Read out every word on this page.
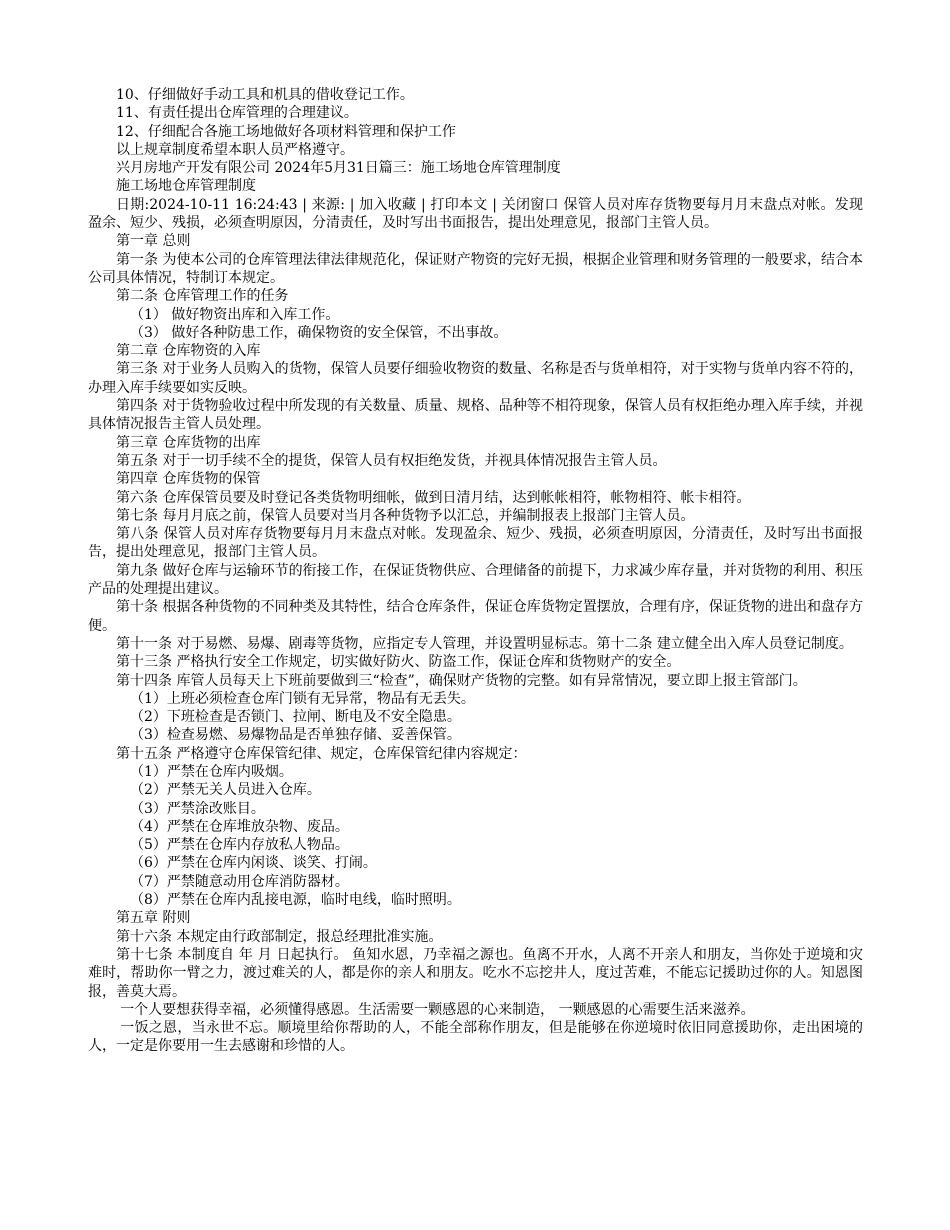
10、仔细做好手动工具和机具的借收登记工作。

11、有责任提出仓库管理的合理建议。

12、仔细配合各施工场地做好各项材料管理和保护工作

以上规章制度希望本职人员严格遵守。

兴月房地产开发有限公司 2024年5月31日篇三：施工场地仓库管理制度

施工场地仓库管理制度

日期:2024-10-11 16:24:43 | 来源: | 加入收藏 | 打印本文 | 关闭窗口 保管人员对库存货物要每月月末盘点对帐。发现盈余、短少、残损，必须查明原因，分清责任，及时写出书面报告，提出处理意见，报部门主管人员。

第一章 总则

第一条 为使本公司的仓库管理法律法律规范化，保证财产物资的完好无损，根据企业管理和财务管理的一般要求，结合本公司具体情况，特制订本规定。

第二条 仓库管理工作的任务

（1） 做好物资出库和入库工作。

（3） 做好各种防患工作，确保物资的安全保管，不出事故。

第二章 仓库物资的入库

第三条 对于业务人员购入的货物，保管人员要仔细验收物资的数量、名称是否与货单相符，对于实物与货单内容不符的，办理入库手续要如实反映。

第四条 对于货物验收过程中所发现的有关数量、质量、规格、品种等不相符现象，保管人员有权拒绝办理入库手续，并视具体情况报告主管人员处理。

第三章 仓库货物的出库

第五条 对于一切手续不全的提货，保管人员有权拒绝发货，并视具体情况报告主管人员。

第四章 仓库货物的保管

第六条 仓库保管员要及时登记各类货物明细帐，做到日清月结，达到帐帐相符，帐物相符、帐卡相符。

第七条 每月月底之前，保管人员要对当月各种货物予以汇总，并编制报表上报部门主管人员。

第八条 保管人员对库存货物要每月月末盘点对帐。发现盈余、短少、残损，必须查明原因，分清责任，及时写出书面报告，提出处理意见，报部门主管人员。

第九条 做好仓库与运输环节的衔接工作，在保证货物供应、合理储备的前提下，力求减少库存量，并对货物的利用、积压产品的处理提出建议。

第十条 根据各种货物的不同种类及其特性，结合仓库条件，保证仓库货物定置摆放，合理有序，保证货物的进出和盘存方便。

第十一条 对于易燃、易爆、剧毒等货物，应指定专人管理，并设置明显标志。第十二条 建立健全出入库人员登记制度。

第十三条 严格执行安全工作规定，切实做好防火、防盗工作，保证仓库和货物财产的安全。

第十四条 库管人员每天上下班前要做到三“检查”，确保财产货物的完整。如有异常情况，要立即上报主管部门。

（1）上班必须检查仓库门锁有无异常，物品有无丢失。

（2）下班检查是否锁门、拉闸、断电及不安全隐患。

（3）检查易燃、易爆物品是否单独存储、妥善保管。

第十五条 严格遵守仓库保管纪律、规定，仓库保管纪律内容规定：

（1）严禁在仓库内吸烟。

（2）严禁无关人员进入仓库。

（3）严禁涂改账目。

（4）严禁在仓库堆放杂物、废品。

（5）严禁在仓库内存放私人物品。

（6）严禁在仓库内闲谈、谈笑、打闹。

（7）严禁随意动用仓库消防器材。

（8）严禁在仓库内乱接电源，临时电线，临时照明。

第五章 附则

第十六条 本规定由行政部制定，报总经理批准实施。

第十七条 本制度自 年 月 日起执行。 鱼知水恩，乃幸福之源也。鱼离不开水，人离不开亲人和朋友，当你处于逆境和灾难时，帮助你一臂之力，渡过难关的人，都是你的亲人和朋友。吃水不忘挖井人，度过苦难，不能忘记援助过你的人。知恩图报，善莫大焉。

一个人要想获得幸福，必须懂得感恩。生活需要一颗感恩的心来制造， 一颗感恩的心需要生活来滋养。

一饭之恩，当永世不忘。顺境里给你帮助的人，不能全部称作朋友，但是能够在你逆境时依旧同意援助你，走出困境的人，一定是你要用一生去感谢和珍惜的人。
